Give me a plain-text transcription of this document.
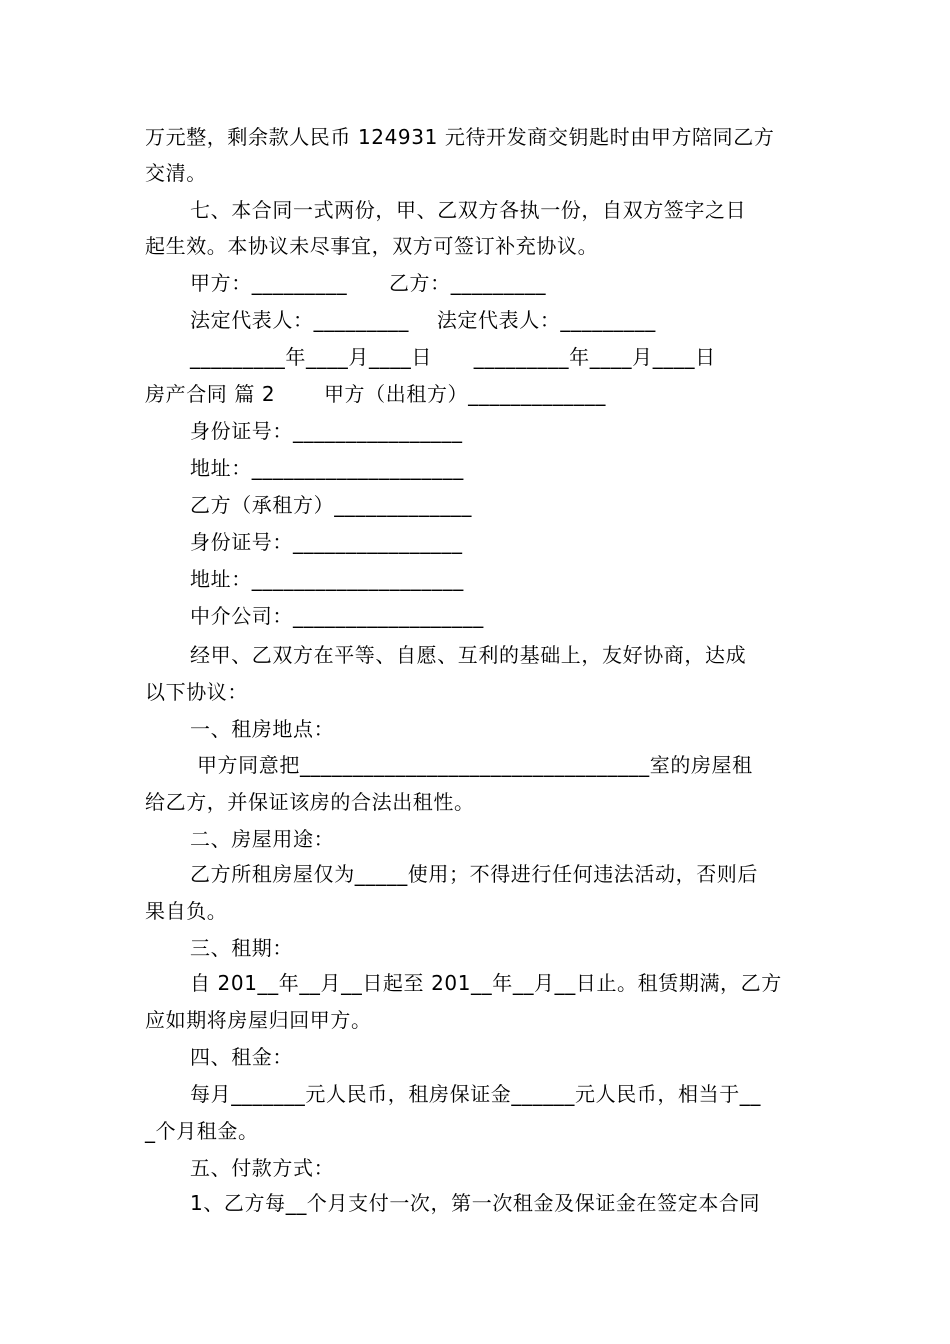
万元整，剩余款人民币 124931 元待开发商交钥匙时由甲方陪同乙方
交清。
七、本合同一式两份，甲、乙双方各执一份，自双方签字之日
起生效。本协议未尽事宜，双方可签订补充协议。
甲方：_________      乙方：_________
法定代表人：_________    法定代表人：_________
_________年____月____日      _________年____月____日
房产合同 篇 2       甲方（出租方）_____________
身份证号：________________
地址：____________________
乙方（承租方）_____________
身份证号：________________
地址：____________________
中介公司：__________________
经甲、乙双方在平等、自愿、互利的基础上，友好协商，达成
以下协议：
一、租房地点：
甲方同意把_________________________________室的房屋租
给乙方，并保证该房的合法出租性。
二、房屋用途：
乙方所租房屋仅为_____使用；不得进行任何违法活动，否则后
果自负。
三、租期：
自 201__年__月__日起至 201__年__月__日止。租赁期满，乙方
应如期将房屋归回甲方。
四、租金：
每月_______元人民币，租房保证金______元人民币，相当于__
_个月租金。
五、付款方式：
1、乙方每__个月支付一次，第一次租金及保证金在签定本合同
